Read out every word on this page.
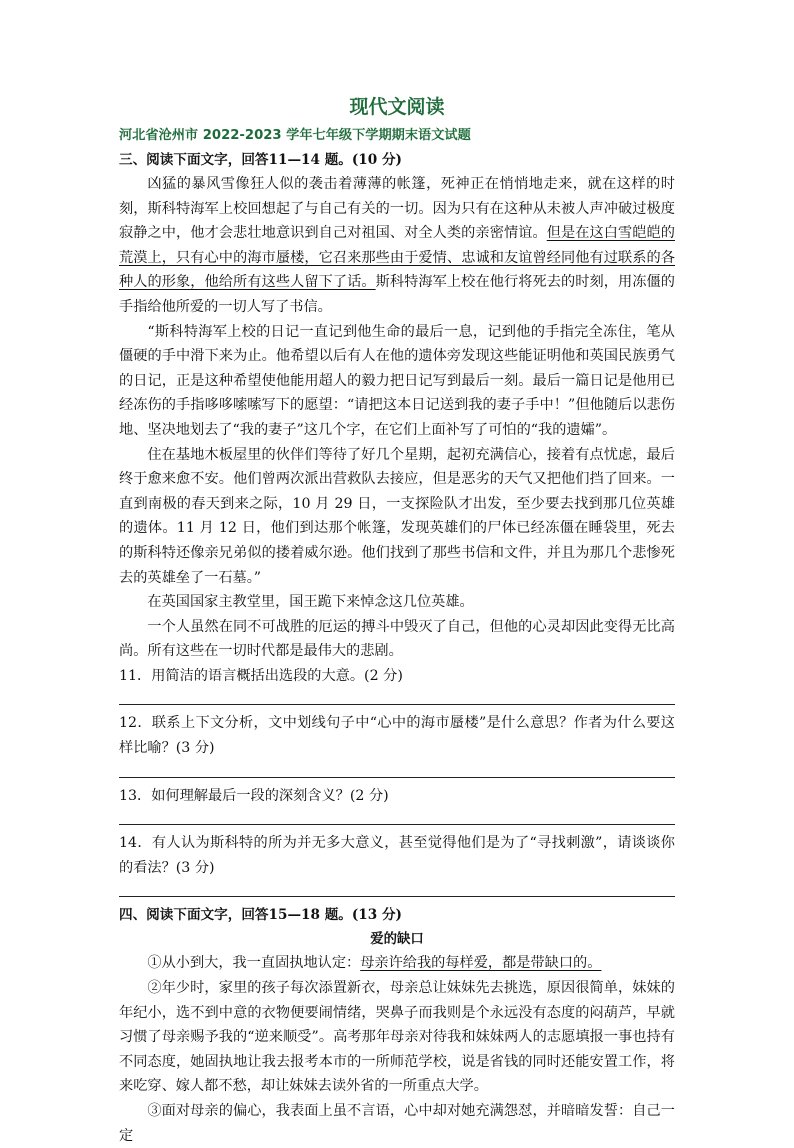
现代文阅读
河北省沧州市 2022-2023 学年七年级下学期期末语文试题
三、阅读下面文字，回答11—14 题。(10 分)

凶猛的暴风雪像狂人似的袭击着薄薄的帐篷，死神正在悄悄地走来，就在这样的时刻，斯科特海军上校回想起了与自己有关的一切。因为只有在这种从未被人声冲破过极度寂静之中，他才会悲壮地意识到自己对祖国、对全人类的亲密情谊。但是在这白雪皑皑的荒漠上，只有心中的海市蜃楼，它召来那些由于爱情、忠诚和友谊曾经同他有过联系的各种人的形象，他给所有这些人留下了话。斯科特海军上校在他行将死去的时刻，用冻僵的手指给他所爱的一切人写了书信。

“斯科特海军上校的日记一直记到他生命的最后一息，记到他的手指完全冻住，笔从僵硬的手中滑下来为止。他希望以后有人在他的遗体旁发现这些能证明他和英国民族勇气的日记，正是这种希望使他能用超人的毅力把日记写到最后一刻。最后一篇日记是他用已经冻伤的手指哆哆嗦嗦写下的愿望：“请把这本日记送到我的妻子手中！”但他随后以悲伤地、坚决地划去了“我的妻子”这几个字，在它们上面补写了可怕的“我的遗孀”。

住在基地木板屋里的伙伴们等待了好几个星期，起初充满信心，接着有点忧虑，最后终于愈来愈不安。他们曾两次派出营救队去接应，但是恶劣的天气又把他们挡了回来。一直到南极的春天到来之际，10 月 29 日，一支探险队才出发，至少要去找到那几位英雄的遗体。11 月 12 日，他们到达那个帐篷，发现英雄们的尸体已经冻僵在睡袋里，死去的斯科特还像亲兄弟似的搂着威尔逊。他们找到了那些书信和文件，并且为那几个悲惨死去的英雄垒了一石墓。”

在英国国家主教堂里，国王跪下来悼念这几位英雄。

一个人虽然在同不可战胜的厄运的搏斗中毁灭了自己，但他的心灵却因此变得无比高尚。所有这些在一切时代都是最伟大的悲剧。

11．用简洁的语言概括出选段的大意。(2 分)
12．联系上下文分析，文中划线句子中“心中的海市蜃楼”是什么意思？作者为什么要这样比喻？(3 分)
13．如何理解最后一段的深刻含义？(2 分)
14．有人认为斯科特的所为并无多大意义，甚至觉得他们是为了“寻找刺激”，请谈谈你的看法？(3 分)
四、阅读下面文字，回答15—18 题。(13 分)
爱的缺口

①从小到大，我一直固执地认定：母亲许给我的每样爱，都是带缺口的。

②年少时，家里的孩子每次添置新衣，母亲总让妹妹先去挑选，原因很简单，妹妹的年纪小，选不到中意的衣物便要闹情绪，哭鼻子而我则是个永远没有态度的闷葫芦，早就习惯了母亲赐予我的“逆来顺受”。高考那年母亲对待我和妹妹两人的志愿填报一事也持有不同态度，她固执地让我去报考本市的一所师范学校，说是省钱的同时还能安置工作，将来吃穿、嫁人都不愁，却让妹妹去读外省的一所重点大学。

③面对母亲的偏心，我表面上虽不言语，心中却对她充满怨怼，并暗暗发誓：自己一定
